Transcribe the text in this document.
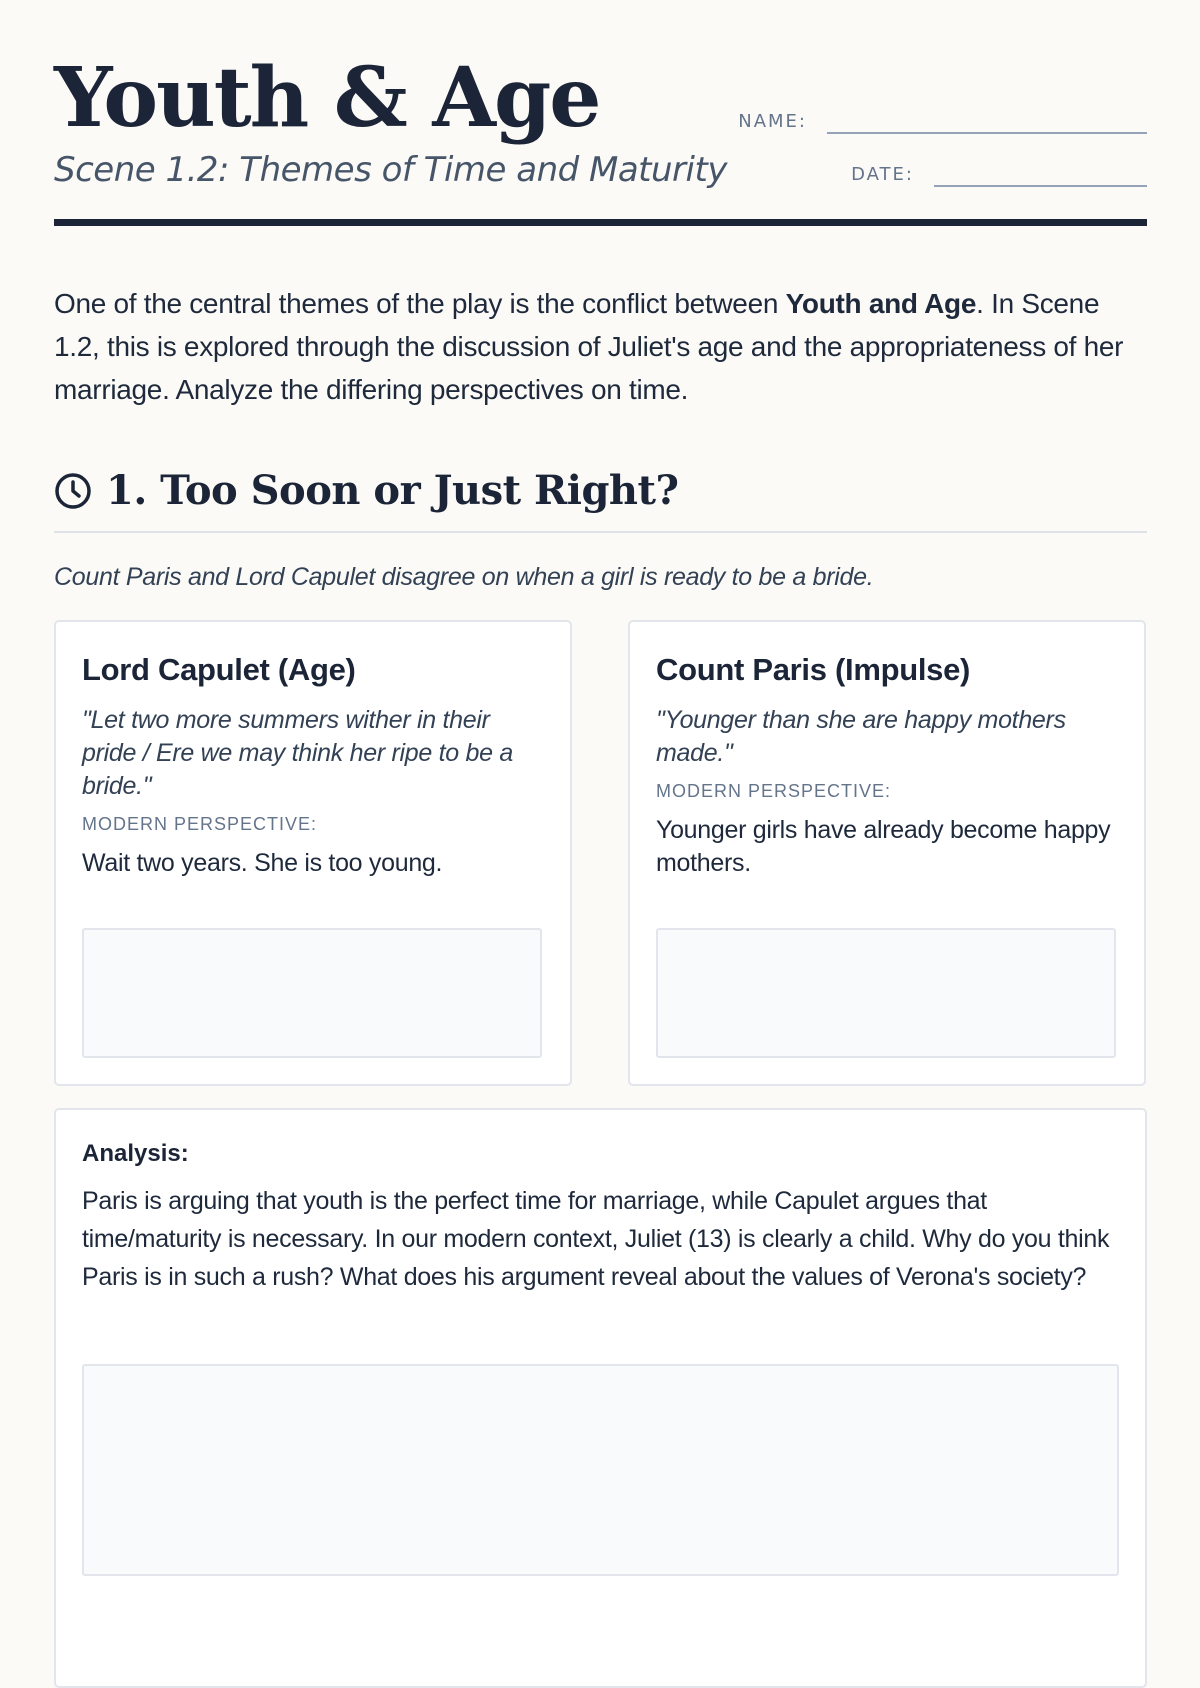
Youth & Age

Scene 1.2: Themes of Time and Maturity

NAME:
DATE:

One of the central themes of the play is the conflict between Youth and Age. In Scene 1.2, this is explored through the discussion of Juliet's age and the appropriateness of her marriage. Analyze the differing perspectives on time.

1. Too Soon or Just Right?

Count Paris and Lord Capulet disagree on when a girl is ready to be a bride.

Lord Capulet (Age)

"Let two more summers wither in their pride / Ere we may think her ripe to be a bride."

MODERN PERSPECTIVE:

Wait two years. She is too young.

Count Paris (Impulse)

"Younger than she are happy mothers made."

MODERN PERSPECTIVE:

Younger girls have already become happy mothers.

Analysis:

Paris is arguing that youth is the perfect time for marriage, while Capulet argues that time/maturity is necessary. In our modern context, Juliet (13) is clearly a child. Why do you think Paris is in such a rush? What does his argument reveal about the values of Verona's society?
